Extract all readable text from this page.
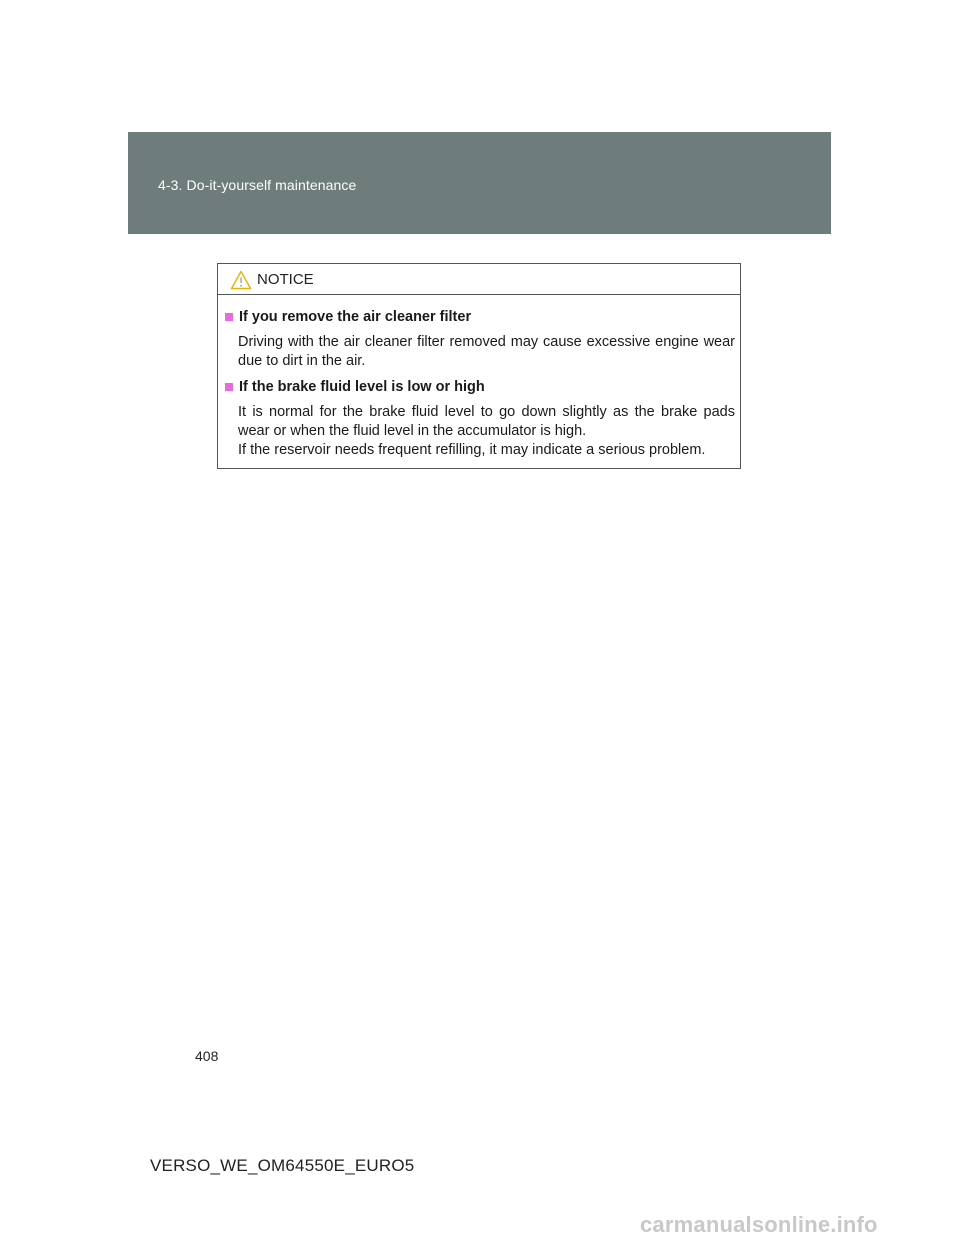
4-3. Do-it-yourself maintenance
NOTICE
If you remove the air cleaner filter

Driving with the air cleaner filter removed may cause excessive engine wear due to dirt in the air.

If the brake fluid level is low or high

It is normal for the brake fluid level to go down slightly as the brake pads wear or when the fluid level in the accumulator is high.

If the reservoir needs frequent refilling, it may indicate a serious problem.

408
VERSO_WE_OM64550E_EURO5
carmanualsonline.info
